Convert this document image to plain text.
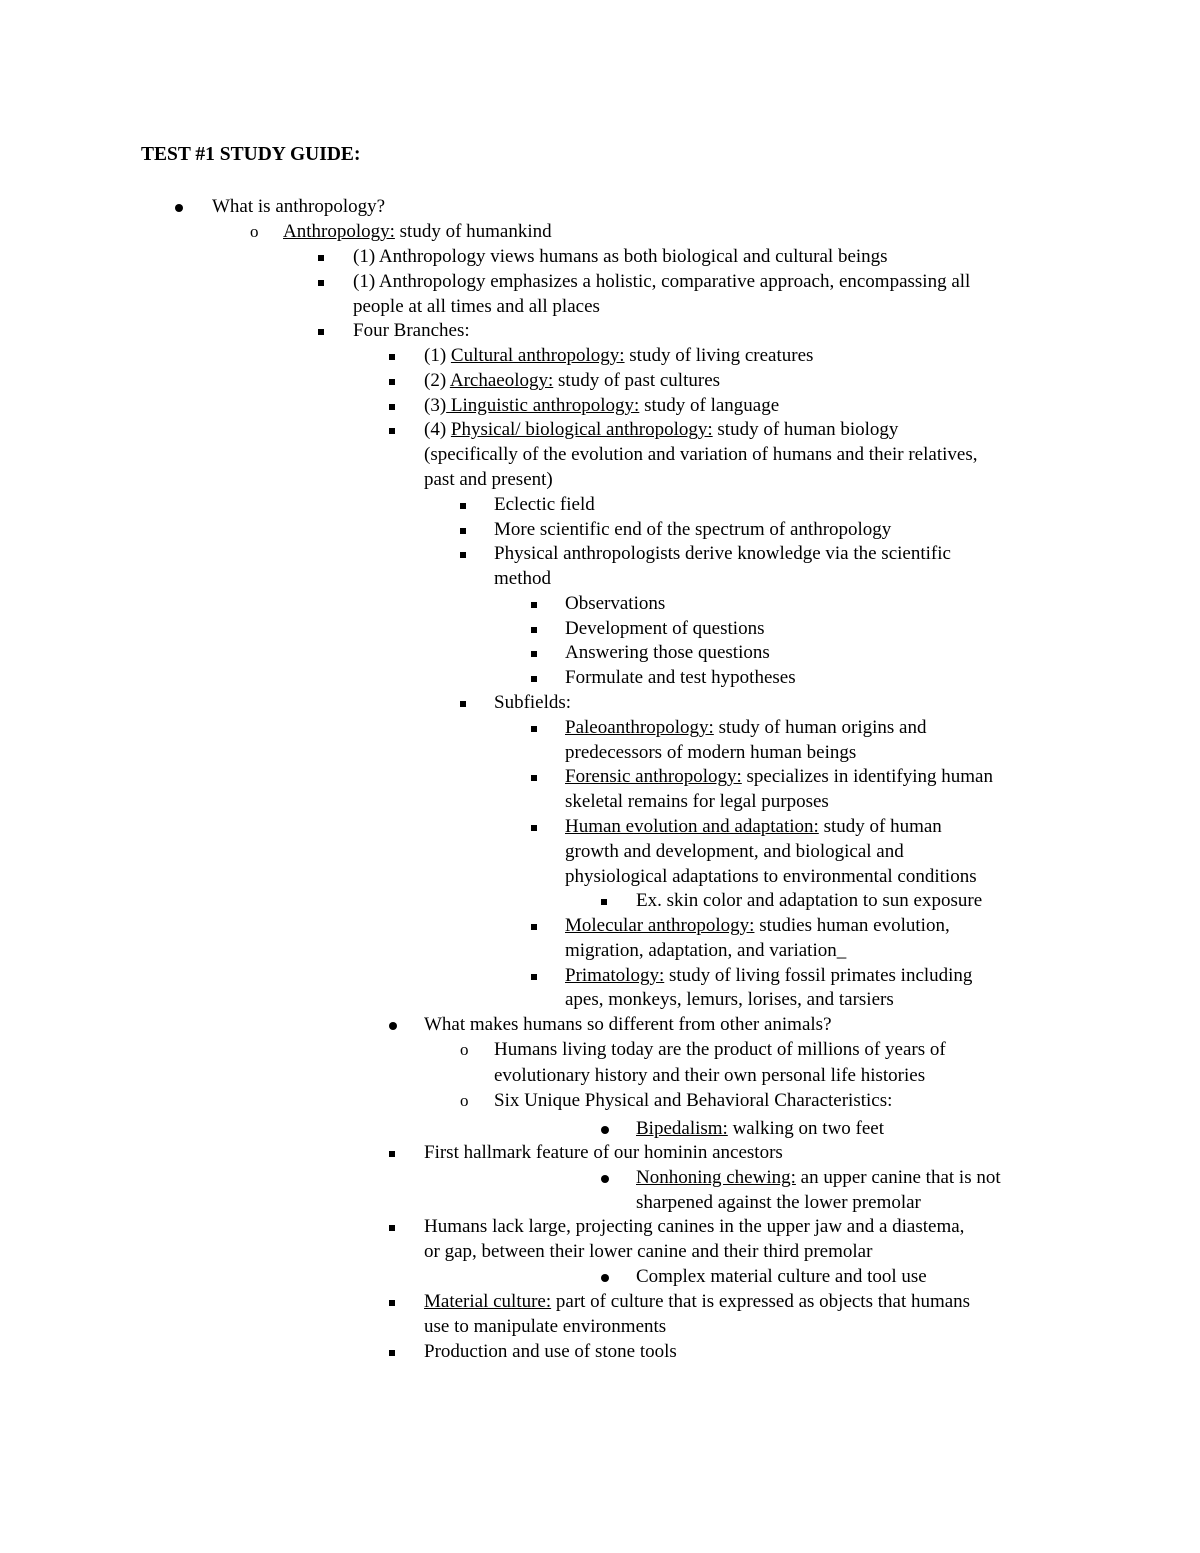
TEST #1 STUDY GUIDE:
What is anthropology?
o	Anthropology: study of humankind
(1) Anthropology views humans as both biological and cultural beings
(1) Anthropology emphasizes a holistic, comparative approach, encompassing all
people at all times and all places
Four Branches:
(1) Cultural anthropology: study of living creatures
(2) Archaeology: study of past cultures
(3) Linguistic anthropology: study of language
(4) Physical/ biological anthropology: study of human biology
(specifically of the evolution and variation of humans and their relatives,
past and present)
Eclectic field
More scientific end of the spectrum of anthropology
Physical anthropologists derive knowledge via the scientific
method
Observations
Development of questions
Answering those questions
Formulate and test hypotheses
Subfields:
Paleoanthropology: study of human origins and
predecessors of modern human beings
Forensic anthropology: specializes in identifying human
skeletal remains for legal purposes
Human evolution and adaptation: study of human
growth and development, and biological and
physiological adaptations to environmental conditions
Ex. skin color and adaptation to sun exposure
Molecular anthropology: studies human evolution,
migration, adaptation, and variation_
Primatology: study of living fossil primates including
apes, monkeys, lemurs, lorises, and tarsiers
What makes humans so different from other animals?
o	Humans living today are the product of millions of years of
evolutionary history and their own personal life histories
o	Six Unique Physical and Behavioral Characteristics:
Bipedalism: walking on two feet
First hallmark feature of our hominin ancestors
Nonhoning chewing: an upper canine that is not
sharpened against the lower premolar
Humans lack large, projecting canines in the upper jaw and a diastema,
or gap, between their lower canine and their third premolar
Complex material culture and tool use
Material culture: part of culture that is expressed as objects that humans
use to manipulate environments
Production and use of stone tools
